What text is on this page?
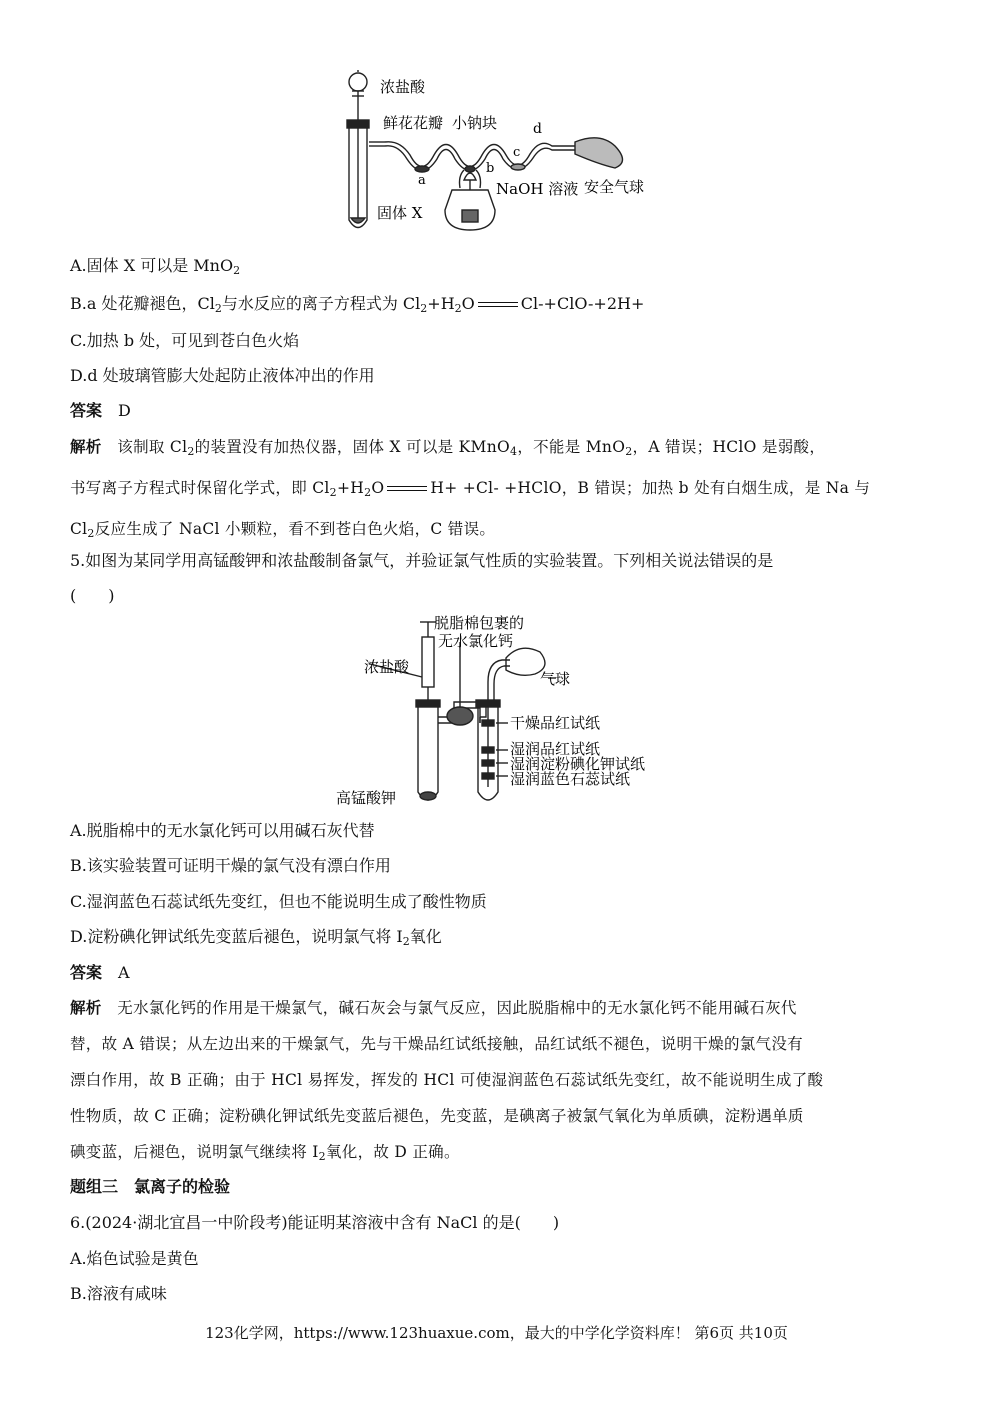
浓盐酸
鲜花花瓣 小钠块	d
a
b
c
NaOH 溶液 安全气球
固体 X
A.固体 X 可以是 MnO$_2$
B.a 处花瓣褪色，$Cl_2$与水反应的离子方程式为 $Cl_2+H_2O$	Cl-+ClO-+2H+
C.加热 b 处，可见到苍白色火焰
D.d 处玻璃管膨大处起防止液体冲出的作用
答案 D
解析 该制取 $Cl_2$的装置没有加热仪器，固体 X 可以是 KMnO$_4$，不能是 MnO$_2$，A 错误；HClO 是弱酸，
书写离子方程式时保留化学式，即 $Cl_2+H_2O$	H+ +Cl- +HClO，B 错误；加热 b 处有白烟生成，是 Na 与
$Cl_2$反应生成了 NaCl 小颗粒，看不到苍白色火焰，C 错误。
5.如图为某同学用高锰酸钾和浓盐酸制备氯气，并验证氯气性质的实验装置。下列相关说法错误的是
(　　)
脱脂棉包裹的
无水氯化钙
浓盐酸
气球
干燥品红试纸
湿润品红试纸
湿润淀粉碘化钾试纸
湿润蓝色石蕊试纸
高锰酸钾
A.脱脂棉中的无水氯化钙可以用碱石灰代替
B.该实验装置可证明干燥的氯气没有漂白作用
C.湿润蓝色石蕊试纸先变红，但也不能说明生成了酸性物质
D.淀粉碘化钾试纸先变蓝后褪色，说明氯气将 $I_2$氧化
答案 A
解析 无水氯化钙的作用是干燥氯气，碱石灰会与氯气反应，因此脱脂棉中的无水氯化钙不能用碱石灰代
替，故 A 错误；从左边出来的干燥氯气，先与干燥品红试纸接触，品红试纸不褪色，说明干燥的氯气没有
漂白作用，故 B 正确；由于 HCl 易挥发，挥发的 HCl 可使湿润蓝色石蕊试纸先变红，故不能说明生成了酸
性物质，故 C 正确；淀粉碘化钾试纸先变蓝后褪色，先变蓝，是碘离子被氯气氧化为单质碘，淀粉遇单质
碘变蓝，后褪色，说明氯气继续将 $I_2$氧化，故 D 正确。
题组三　氯离子的检验
6.(2024·湖北宜昌一中阶段考)能证明某溶液中含有 NaCl 的是(　　)
A.焰色试验是黄色
B.溶液有咸味
123化学网，https://www.123huaxue.com，最大的中学化学资料库！ 第6页 共10页
